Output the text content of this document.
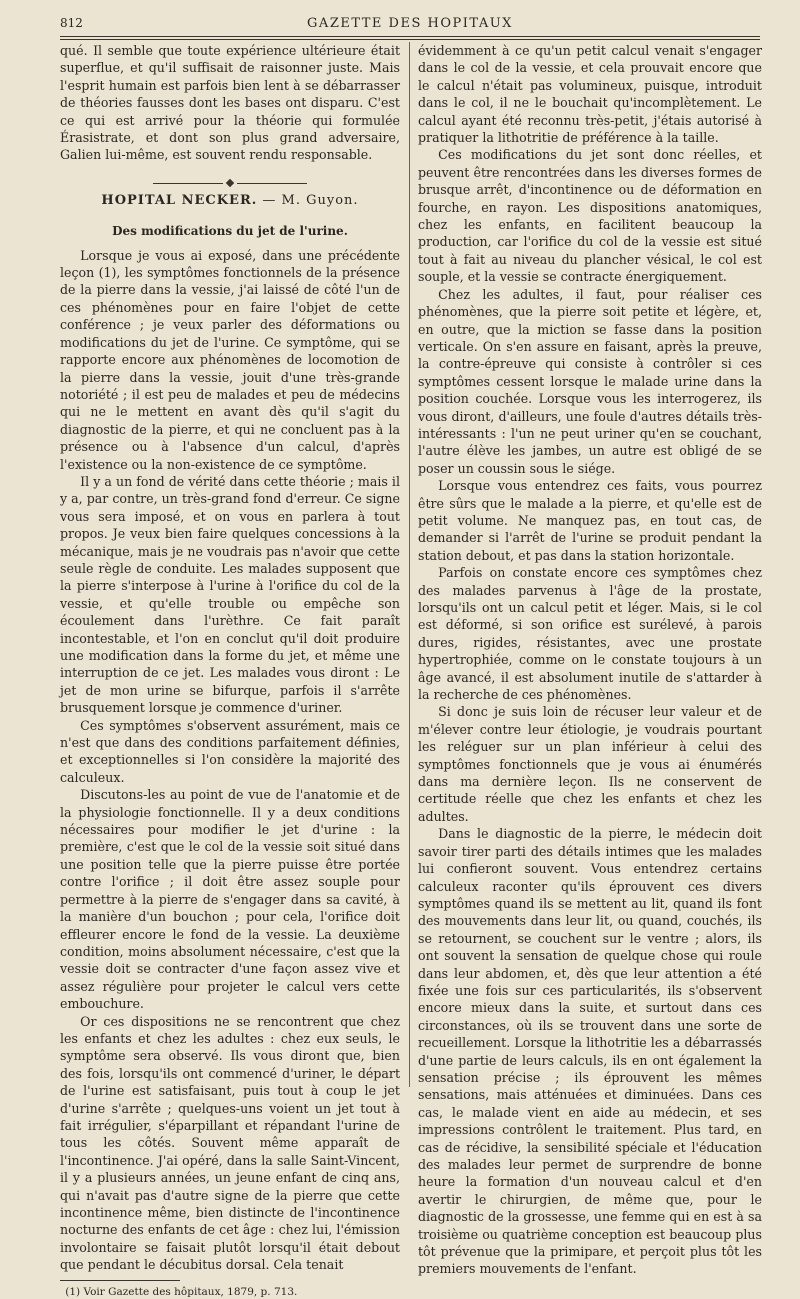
812	GAZETTE DES HOPITAUX

qué. Il semble que toute expérience ultérieure était superflue, et qu'il suffisait de raisonner juste. Mais l'esprit humain est parfois bien lent à se débarrasser de théories fausses dont les bases ont disparu. C'est ce qui est arrivé pour la théorie qui formulée Érasistrate, et dont son plus grand adversaire, Galien lui-même, est souvent rendu responsable.

HOPITAL NECKER. — M. Guyon.
Des modifications du jet de l'urine.

Lorsque je vous ai exposé, dans une précédente leçon (1), les symptômes fonctionnels de la présence de la pierre dans la vessie, j'ai laissé de côté l'un de ces phénomènes pour en faire l'objet de cette conférence ; je veux parler des déformations ou modifications du jet de l'urine. Ce symptôme, qui se rapporte encore aux phénomènes de locomotion de la pierre dans la vessie, jouit d'une très-grande notoriété ; il est peu de malades et peu de médecins qui ne le mettent en avant dès qu'il s'agit du diagnostic de la pierre, et qui ne concluent pas à la présence ou à l'absence d'un calcul, d'après l'existence ou la non-existence de ce symptôme.

Il y a un fond de vérité dans cette théorie ; mais il y a, par contre, un très-grand fond d'erreur. Ce signe vous sera imposé, et on vous en parlera à tout propos. Je veux bien faire quelques concessions à la mécanique, mais je ne voudrais pas n'avoir que cette seule règle de conduite. Les malades supposent que la pierre s'interpose à l'urine à l'orifice du col de la vessie, et qu'elle trouble ou empêche son écoulement dans l'urèthre. Ce fait paraît incontestable, et l'on en conclut qu'il doit produire une modification dans la forme du jet, et même une interruption de ce jet. Les malades vous diront : Le jet de mon urine se bifurque, parfois il s'arrête brusquement lorsque je commence d'uriner.

Ces symptômes s'observent assurément, mais ce n'est que dans des conditions parfaitement définies, et exceptionnelles si l'on considère la majorité des calculeux.

Discutons-les au point de vue de l'anatomie et de la physiologie fonctionnelle. Il y a deux conditions nécessaires pour modifier le jet d'urine : la première, c'est que le col de la vessie soit situé dans une position telle que la pierre puisse être portée contre l'orifice ; il doit être assez souple pour permettre à la pierre de s'engager dans sa cavité, à la manière d'un bouchon ; pour cela, l'orifice doit effleurer encore le fond de la vessie. La deuxième condition, moins absolument nécessaire, c'est que la vessie doit se contracter d'une façon assez vive et assez régulière pour projeter le calcul vers cette embouchure.

Or ces dispositions ne se rencontrent que chez les enfants et chez les adultes : chez eux seuls, le symptôme sera observé. Ils vous diront que, bien des fois, lorsqu'ils ont commencé d'uriner, le départ de l'urine est satisfaisant, puis tout à coup le jet d'urine s'arrête ; quelques-uns voient un jet tout à fait irrégulier, s'éparpillant et répandant l'urine de tous les côtés. Souvent même apparaît de l'incontinence. J'ai opéré, dans la salle Saint-Vincent, il y a plusieurs années, un jeune enfant de cinq ans, qui n'avait pas d'autre signe de la pierre que cette incontinence même, bien distincte de l'incontinence nocturne des enfants de cet âge : chez lui, l'émission involontaire se faisait plutôt lorsqu'il était debout que pendant le décubitus dorsal. Cela tenait

(1) Voir Gazette des hôpitaux, 1879, p. 713.

évidemment à ce qu'un petit calcul venait s'engager dans le col de la vessie, et cela prouvait encore que le calcul n'était pas volumineux, puisque, introduit dans le col, il ne le bouchait qu'incomplètement. Le calcul ayant été reconnu très-petit, j'étais autorisé à pratiquer la lithotritie de préférence à la taille.

Ces modifications du jet sont donc réelles, et peuvent être rencontrées dans les diverses formes de brusque arrêt, d'incontinence ou de déformation en fourche, en rayon. Les dispositions anatomiques, chez les enfants, en facilitent beaucoup la production, car l'orifice du col de la vessie est situé tout à fait au niveau du plancher vésical, le col est souple, et la vessie se contracte énergiquement.

Chez les adultes, il faut, pour réaliser ces phénomènes, que la pierre soit petite et légère, et, en outre, que la miction se fasse dans la position verticale. On s'en assure en faisant, après la preuve, la contre-épreuve qui consiste à contrôler si ces symptômes cessent lorsque le malade urine dans la position couchée. Lorsque vous les interrogerez, ils vous diront, d'ailleurs, une foule d'autres détails très-intéressants : l'un ne peut uriner qu'en se couchant, l'autre élève les jambes, un autre est obligé de se poser un coussin sous le siége.

Lorsque vous entendrez ces faits, vous pourrez être sûrs que le malade a la pierre, et qu'elle est de petit volume. Ne manquez pas, en tout cas, de demander si l'arrêt de l'urine se produit pendant la station debout, et pas dans la station horizontale.

Parfois on constate encore ces symptômes chez des malades parvenus à l'âge de la prostate, lorsqu'ils ont un calcul petit et léger. Mais, si le col est déformé, si son orifice est surélevé, à parois dures, rigides, résistantes, avec une prostate hypertrophiée, comme on le constate toujours à un âge avancé, il est absolument inutile de s'attarder à la recherche de ces phénomènes.

Si donc je suis loin de récuser leur valeur et de m'élever contre leur étiologie, je voudrais pourtant les reléguer sur un plan inférieur à celui des symptômes fonctionnels que je vous ai énumérés dans ma dernière leçon. Ils ne conservent de certitude réelle que chez les enfants et chez les adultes.

Dans le diagnostic de la pierre, le médecin doit savoir tirer parti des détails intimes que les malades lui confieront souvent. Vous entendrez certains calculeux raconter qu'ils éprouvent ces divers symptômes quand ils se mettent au lit, quand ils font des mouvements dans leur lit, ou quand, couchés, ils se retournent, se couchent sur le ventre ; alors, ils ont souvent la sensation de quelque chose qui roule dans leur abdomen, et, dès que leur attention a été fixée une fois sur ces particularités, ils s'observent encore mieux dans la suite, et surtout dans ces circonstances, où ils se trouvent dans une sorte de recueillement. Lorsque la lithotritie les a débarrassés d'une partie de leurs calculs, ils en ont également la sensation précise ; ils éprouvent les mêmes sensations, mais atténuées et diminuées. Dans ces cas, le malade vient en aide au médecin, et ses impressions contrôlent le traitement. Plus tard, en cas de récidive, la sensibilité spéciale et l'éducation des malades leur permet de surprendre de bonne heure la formation d'un nouveau calcul et d'en avertir le chirurgien, de même que, pour le diagnostic de la grossesse, une femme qui en est à sa troisième ou quatrième conception est beaucoup plus tôt prévenue que la primipare, et perçoit plus tôt les premiers mouvements de l'enfant.
